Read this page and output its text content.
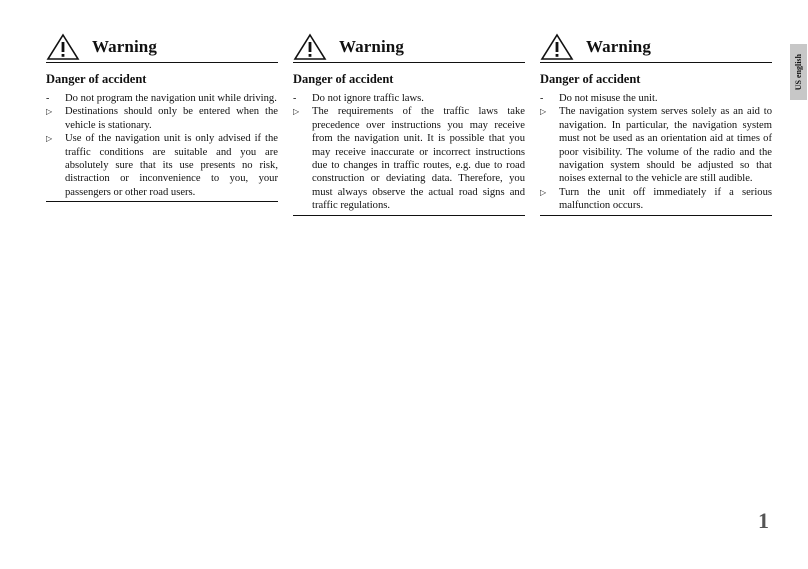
Warning
Danger of accident
-	Do not program the navigation unit while driving.
▷	Destinations should only be entered when the vehicle is stationary.
▷	Use of the navigation unit is only advised if the traffic conditions are suitable and you are absolutely sure that its use presents no risk, distraction or inconvenience to you, your passengers or other road users.
Warning
Danger of accident
-	Do not ignore traffic laws.
▷	The requirements of the traffic laws take precedence over instructions you may receive from the navigation unit. It is possible that you may receive inaccurate or incorrect instructions due to changes in traffic routes, e.g. due to road construction or deviating data. Therefore, you must always observe the actual road signs and traffic regulations.
Warning
Danger of accident
-	Do not misuse the unit.
▷	The navigation system serves solely as an aid to navigation. In particular, the navigation system must not be used as an orientation aid at times of poor visibility. The volume of the radio and the navigation system should be adjusted so that noises external to the vehicle are still audible.
▷	Turn the unit off immediately if a serious malfunction occurs.
US english
1
